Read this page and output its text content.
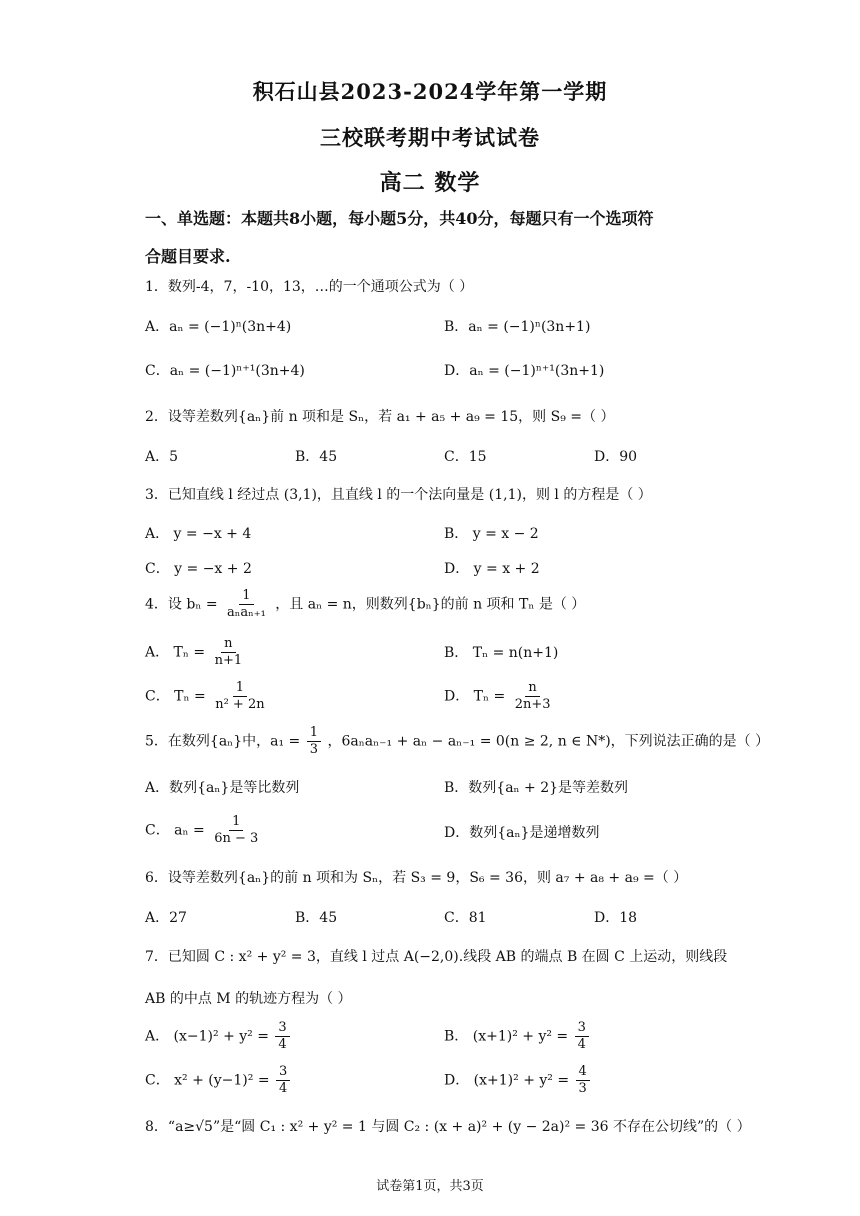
积石山县2023-2024学年第一学期
三校联考期中考试试卷
高二 数学
一、单选题：本题共8小题，每小题5分，共40分，每题只有一个选项符
合题目要求.
1．数列-4，7，-10，13，…的一个通项公式为（ ）
A．aₙ = (−1)ⁿ(3n+4)	B．aₙ = (−1)ⁿ(3n+1)
C．aₙ = (−1)ⁿ⁺¹(3n+4)	D．aₙ = (−1)ⁿ⁺¹(3n+1)
2．设等差数列{aₙ}前 n 项和是 Sₙ，若 a₁ + a₅ + a₉ = 15，则 S₉ =（ ）
A．5	B．45	C．15	D．90
3．已知直线 l 经过点 (3,1)，且直线 l 的一个法向量是 (1,1)，则 l 的方程是（ ）
A． y = −x + 4	B． y = x − 2
C． y = −x + 2	D． y = x + 2
4．设 $b_n = \frac{1}{\text{aₙaₙ₊₁}}$ ，且 aₙ = n，则数列{bₙ}的前 n 项和 Tₙ 是（ ）
A． $T_n = \frac{n}{n+1}$	B． Tₙ = n(n+1)
C． $T_n = \frac{1}{\text{n² + 2n}}$	D． $T_n = \frac{n}{2n+3}$
5．在数列{aₙ}中，$a_1 = \frac{1}{3}$ ，6aₙaₙ₋₁ + aₙ − aₙ₋₁ = 0(n ≥ 2, n ∈ N*)，下列说法正确的是（ ）
A．数列{aₙ}是等比数列	B．数列{aₙ + 2}是等差数列
C． $a_n = \frac{1}{6n - 3}$	D．数列{aₙ}是递增数列
6．设等差数列{aₙ}的前 n 项和为 Sₙ，若 S₃ = 9，S₆ = 36，则 a₇ + a₈ + a₉ =（ ）
A．27	B．45	C．81	D．18
7．已知圆 C : x² + y² = 3，直线 l 过点 A(−2,0).线段 AB 的端点 B 在圆 C 上运动，则线段
AB 的中点 M 的轨迹方程为（ ）
A． $(x-1)^2 + y^2 = \frac{3}{4}$	B． $(x+1)^2 + y^2 = \frac{3}{4}$
C． $x^2 + (y-1)^2 = \frac{3}{4}$	D． $(x+1)^2 + y^2 = \frac{4}{3}$
8．“a≥√5”是“圆 C₁ : x² + y² = 1 与圆 C₂ : (x + a)² + (y − 2a)² = 36 不存在公切线”的（ ）
试卷第1页，共3页
